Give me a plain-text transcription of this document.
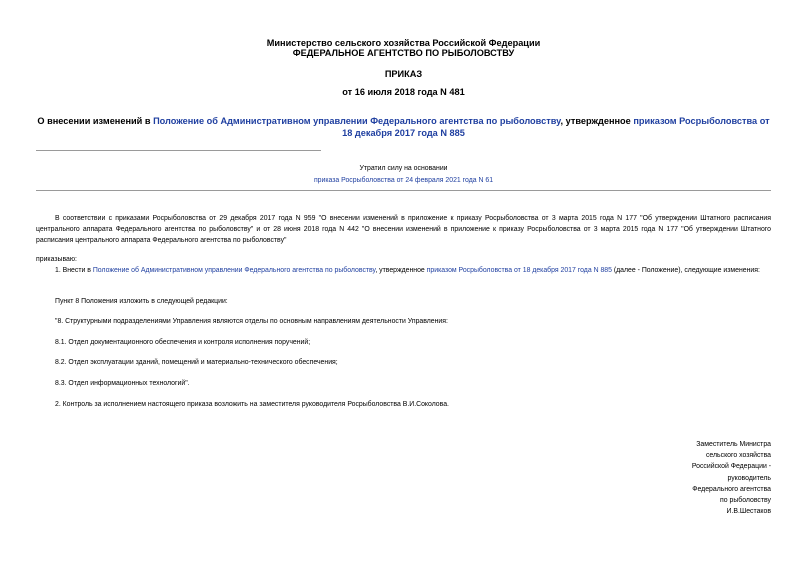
Министерство сельского хозяйства Российской Федерации

ФЕДЕРАЛЬНОЕ АГЕНТСТВО ПО РЫБОЛОВСТВУ

ПРИКАЗ

от 16 июля 2018 года N 481

О внесении изменений в Положение об Административном управлении Федерального агентства по рыболовству, утвержденное приказом Росрыболовства от 18 декабря 2017 года N 885

Утратил силу на основании

приказа Росрыболовства от 24 февраля 2021 года N 61

В соответствии с приказами Росрыболовства от 29 декабря 2017 года N 959 "О внесении изменений в приложение к приказу Росрыболовства от 3 марта 2015 года N 177 "Об утверждении Штатного расписания центрального аппарата Федерального агентства по рыболовству" и от 28 июня 2018 года N 442 "О внесении изменений в приложение к приказу Росрыболовства от 3 марта 2015 года N 177 "Об утверждении Штатного расписания центрального аппарата Федерального агентства по рыболовству"

приказываю:

1. Внести в Положение об Административном управлении Федерального агентства по рыболовству, утвержденное приказом Росрыболовства от 18 декабря 2017 года N 885 (далее - Положение), следующие изменения:

Пункт 8 Положения изложить в следующей редакции:

"8. Структурными подразделениями Управления являются отделы по основным направлениям деятельности Управления:

8.1. Отдел документационного обеспечения и контроля исполнения поручений;

8.2. Отдел эксплуатации зданий, помещений и материально-технического обеспечения;

8.3. Отдел информационных технологий".

2. Контроль за исполнением настоящего приказа возложить на заместителя руководителя Росрыболовства В.И.Соколова.

Заместитель Министра
сельского хозяйства
Российской Федерации -
руководитель
Федерального агентства
по рыболовству
И.В.Шестаков
